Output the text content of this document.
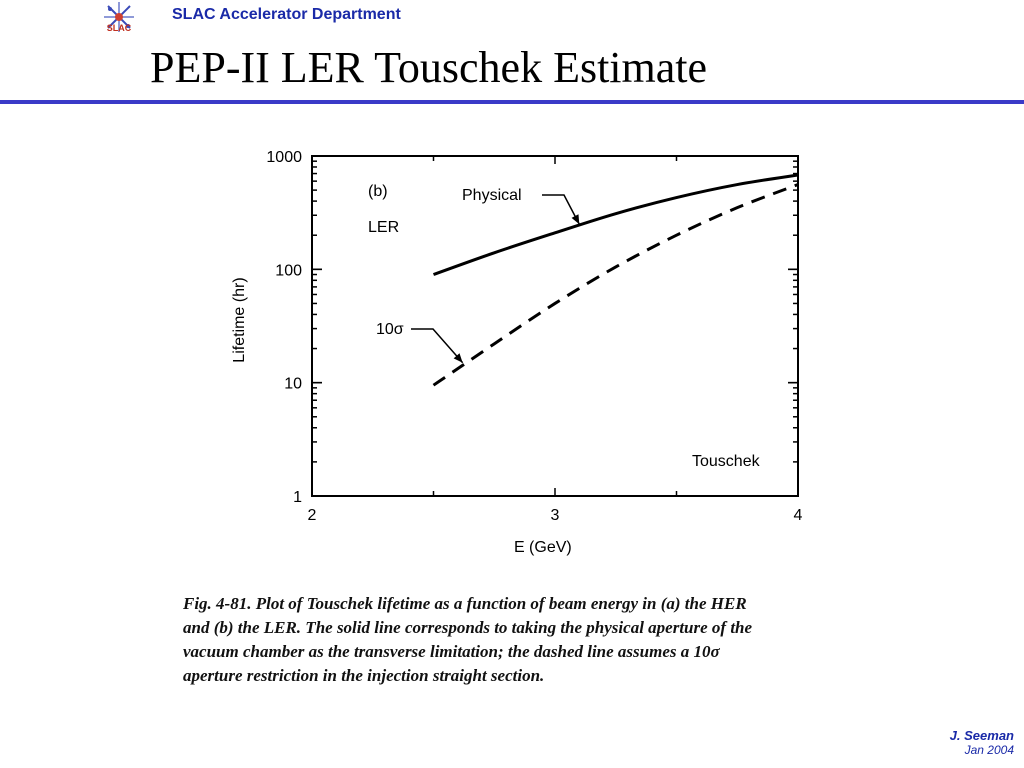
SLAC
SLAC Accelerator Department
PEP-II LER Touschek Estimate
1
10
100
1000
2	3	4
E (GeV)
Lifetime (hr)
(b)
LER
Touschek
Physical
10σ

Fig. 4-81. Plot of Touschek lifetime as a function of beam energy in (a) the HER

and (b) the LER. The solid line corresponds to taking the physical aperture of the

vacuum chamber as the transverse limitation; the dashed line assumes a 10σ

aperture restriction in the injection straight section.

J. Seeman
Jan 2004
